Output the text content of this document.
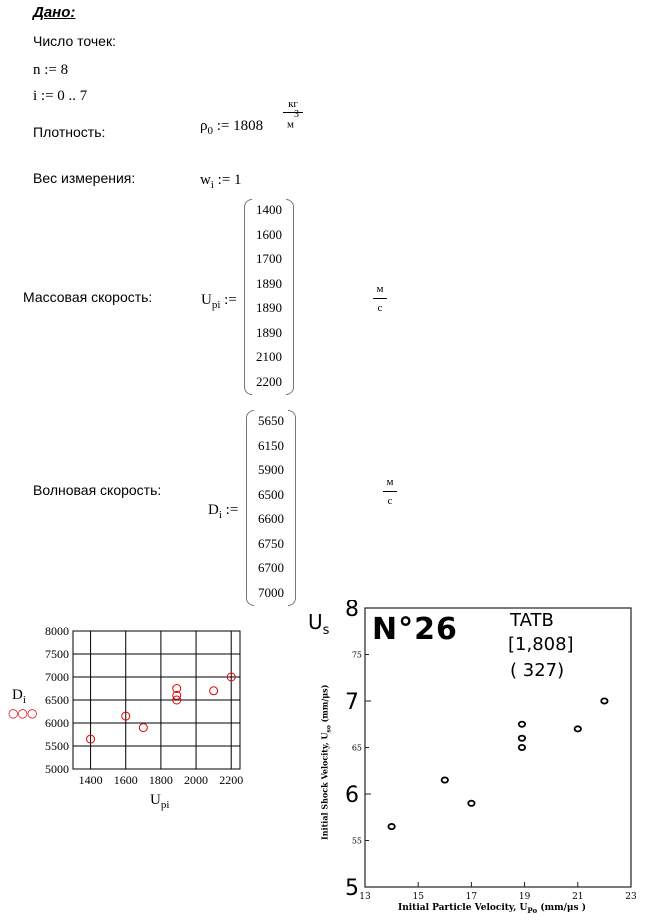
Дано:
Число точек:
n := 8
i := 0 .. 7
Плотность:	$\rho_0$ := 1808
кг
$м^3$
Вес измерения:	$w_i$ := 1
Массовая скорость:	$U_{pi}$ :=
1400
1600
1700
1890
1890
1890
2100
2200
м
с
Волновая скорость:
$D_i$ :=
5650
6150
5900
6500
6600
6750
6700
7000
м
с
5000
5500
6000
6500
7000
7500
8000
1400 1600 1800 2000 2200
$D_i$
○○○
$U_{pi}$
13	15	17	19	21	23
5
6
7
8
55
65
75
$U_s$ N°26	TATB
[1,808]
( 327)
Initial Particle Velocity, $U_{Po}$ (mm/μs )
Initial Shock Velocity, $U_{so}$ (mm/μs)
